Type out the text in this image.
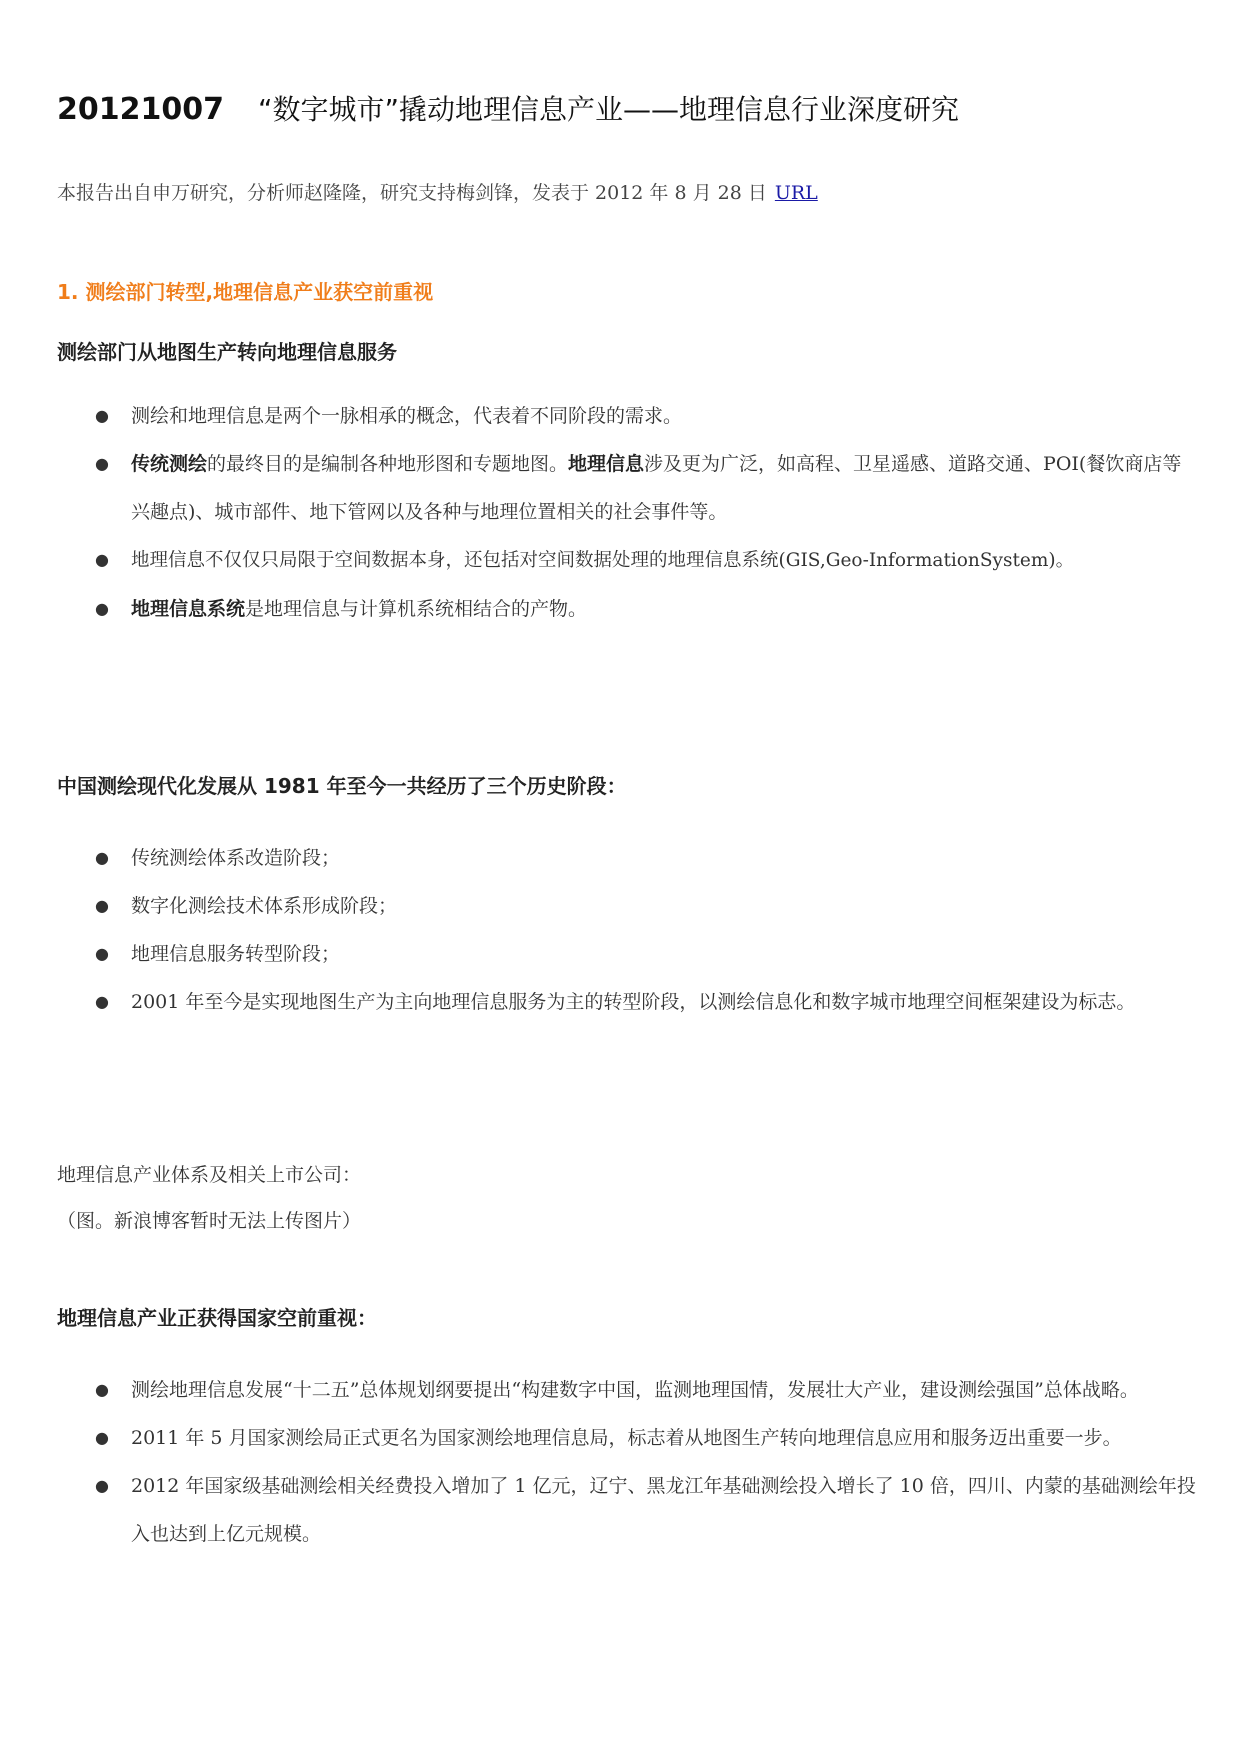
20121007 “数字城市”撬动地理信息产业——地理信息行业深度研究
本报告出自申万研究，分析师赵隆隆，研究支持梅剑锋，发表于 2012 年 8 月 28 日 URL
1. 测绘部门转型,地理信息产业获空前重视
测绘部门从地图生产转向地理信息服务
● 测绘和地理信息是两个一脉相承的概念，代表着不同阶段的需求。
● 传统测绘的最终目的是编制各种地形图和专题地图。地理信息涉及更为广泛，如高程、卫星遥感、道路交通、POI(餐饮商店等兴趣点)、城市部件、地下管网以及各种与地理位置相关的社会事件等。
● 地理信息不仅仅只局限于空间数据本身，还包括对空间数据处理的地理信息系统(GIS,Geo-InformationSystem)。
● 地理信息系统是地理信息与计算机系统相结合的产物。
中国测绘现代化发展从 1981 年至今一共经历了三个历史阶段：
● 传统测绘体系改造阶段；
● 数字化测绘技术体系形成阶段；
● 地理信息服务转型阶段；
● 2001 年至今是实现地图生产为主向地理信息服务为主的转型阶段，以测绘信息化和数字城市地理空间框架建设为标志。
地理信息产业体系及相关上市公司：
（图。新浪博客暂时无法上传图片）
地理信息产业正获得国家空前重视：
● 测绘地理信息发展“十二五”总体规划纲要提出“构建数字中国，监测地理国情，发展壮大产业，建设测绘强国”总体战略。
● 2011 年 5 月国家测绘局正式更名为国家测绘地理信息局，标志着从地图生产转向地理信息应用和服务迈出重要一步。
● 2012 年国家级基础测绘相关经费投入增加了 1 亿元，辽宁、黑龙江年基础测绘投入增长了 10 倍，四川、内蒙的基础测绘年投入也达到上亿元规模。
